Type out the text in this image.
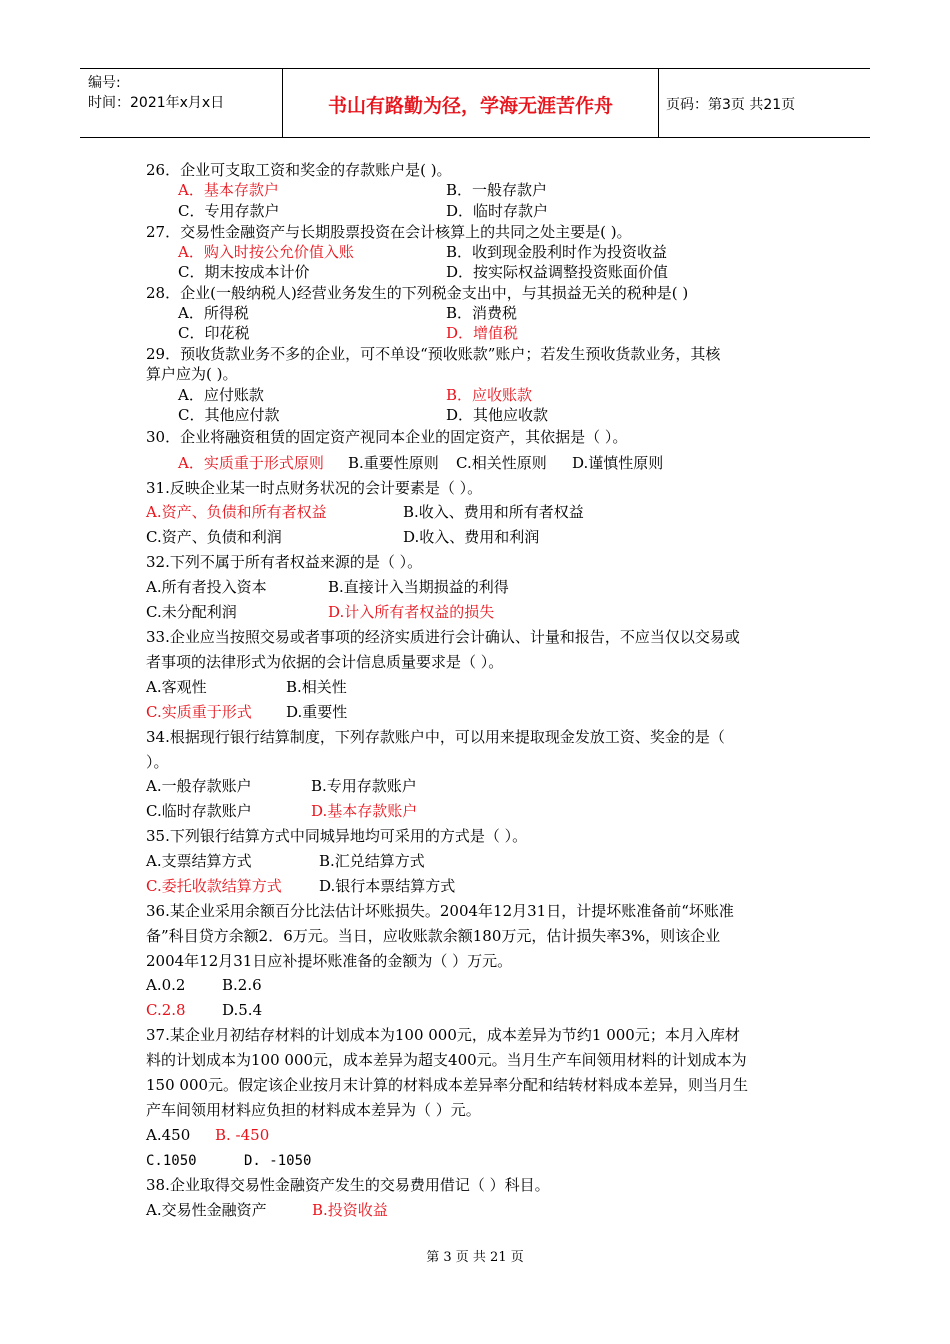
编号:
时间：2021年x月x日	书山有路勤为径，学海无涯苦作舟	页码：第3页 共21页
26．企业可支取工资和奖金的存款账户是( )。
A．基本存款户	B．一般存款户
C．专用存款户	D．临时存款户
27．交易性金融资产与长期股票投资在会计核算上的共同之处主要是( )。
A．购入时按公允价值入账	B．收到现金股利时作为投资收益
C．期末按成本计价	D．按实际权益调整投资账面价值
28．企业(一般纳税人)经营业务发生的下列税金支出中，与其损益无关的税种是( )
A．所得税	B．消费税
C．印花税	D．增值税
29．预收货款业务不多的企业，可不单设“预收账款”账户；若发生预收货款业务，其核
算户应为( )。
A．应付账款	B．应收账款
C．其他应付款	D．其他应收款
30．企业将融资租赁的固定资产视同本企业的固定资产，其依据是（ ）。
A．实质重于形式原则 B.重要性原则 C.相关性原则 D.谨慎性原则
31.反映企业某一时点财务状况的会计要素是（ ）。
A.资产、负债和所有者权益	B.收入、费用和所有者权益
C.资产、负债和利润	D.收入、费用和利润
32.下列不属于所有者权益来源的是（ ）。
A.所有者投入资本	B.直接计入当期损益的利得
C.未分配利润	D.计入所有者权益的损失
33.企业应当按照交易或者事项的经济实质进行会计确认、计量和报告，不应当仅以交易或
者事项的法律形式为依据的会计信息质量要求是（ ）。
A.客观性	B.相关性
C.实质重于形式 D.重要性
34.根据现行银行结算制度，下列存款账户中，可以用来提取现金发放工资、奖金的是（
）。
A.一般存款账户	B.专用存款账户
C.临时存款账户	D.基本存款账户
35.下列银行结算方式中同城异地均可采用的方式是（ ）。
A.支票结算方式	B.汇兑结算方式
C.委托收款结算方式 D.银行本票结算方式
36.某企业采用余额百分比法估计坏账损失。2004年12月31日，计提坏账准备前“坏账准
备”科目贷方余额2．6万元。当日，应收账款余额180万元，估计损失率3%，则该企业
2004年12月31日应补提坏账准备的金额为（ ）万元。
A.0.2 B.2.6
C.2.8 D.5.4
37.某企业月初结存材料的计划成本为100 000元，成本差异为节约1 000元；本月入库材
料的计划成本为100 000元，成本差异为超支400元。当月生产车间领用材料的计划成本为
150 000元。假定该企业按月末计算的材料成本差异率分配和结转材料成本差异，则当月生
产车间领用材料应负担的材料成本差异为（ ）元。
A.450 B. -450
C.1050	D. -1050
38.企业取得交易性金融资产发生的交易费用借记（ ）科目。
A.交易性金融资产	B.投资收益
第 3 页 共 21 页
